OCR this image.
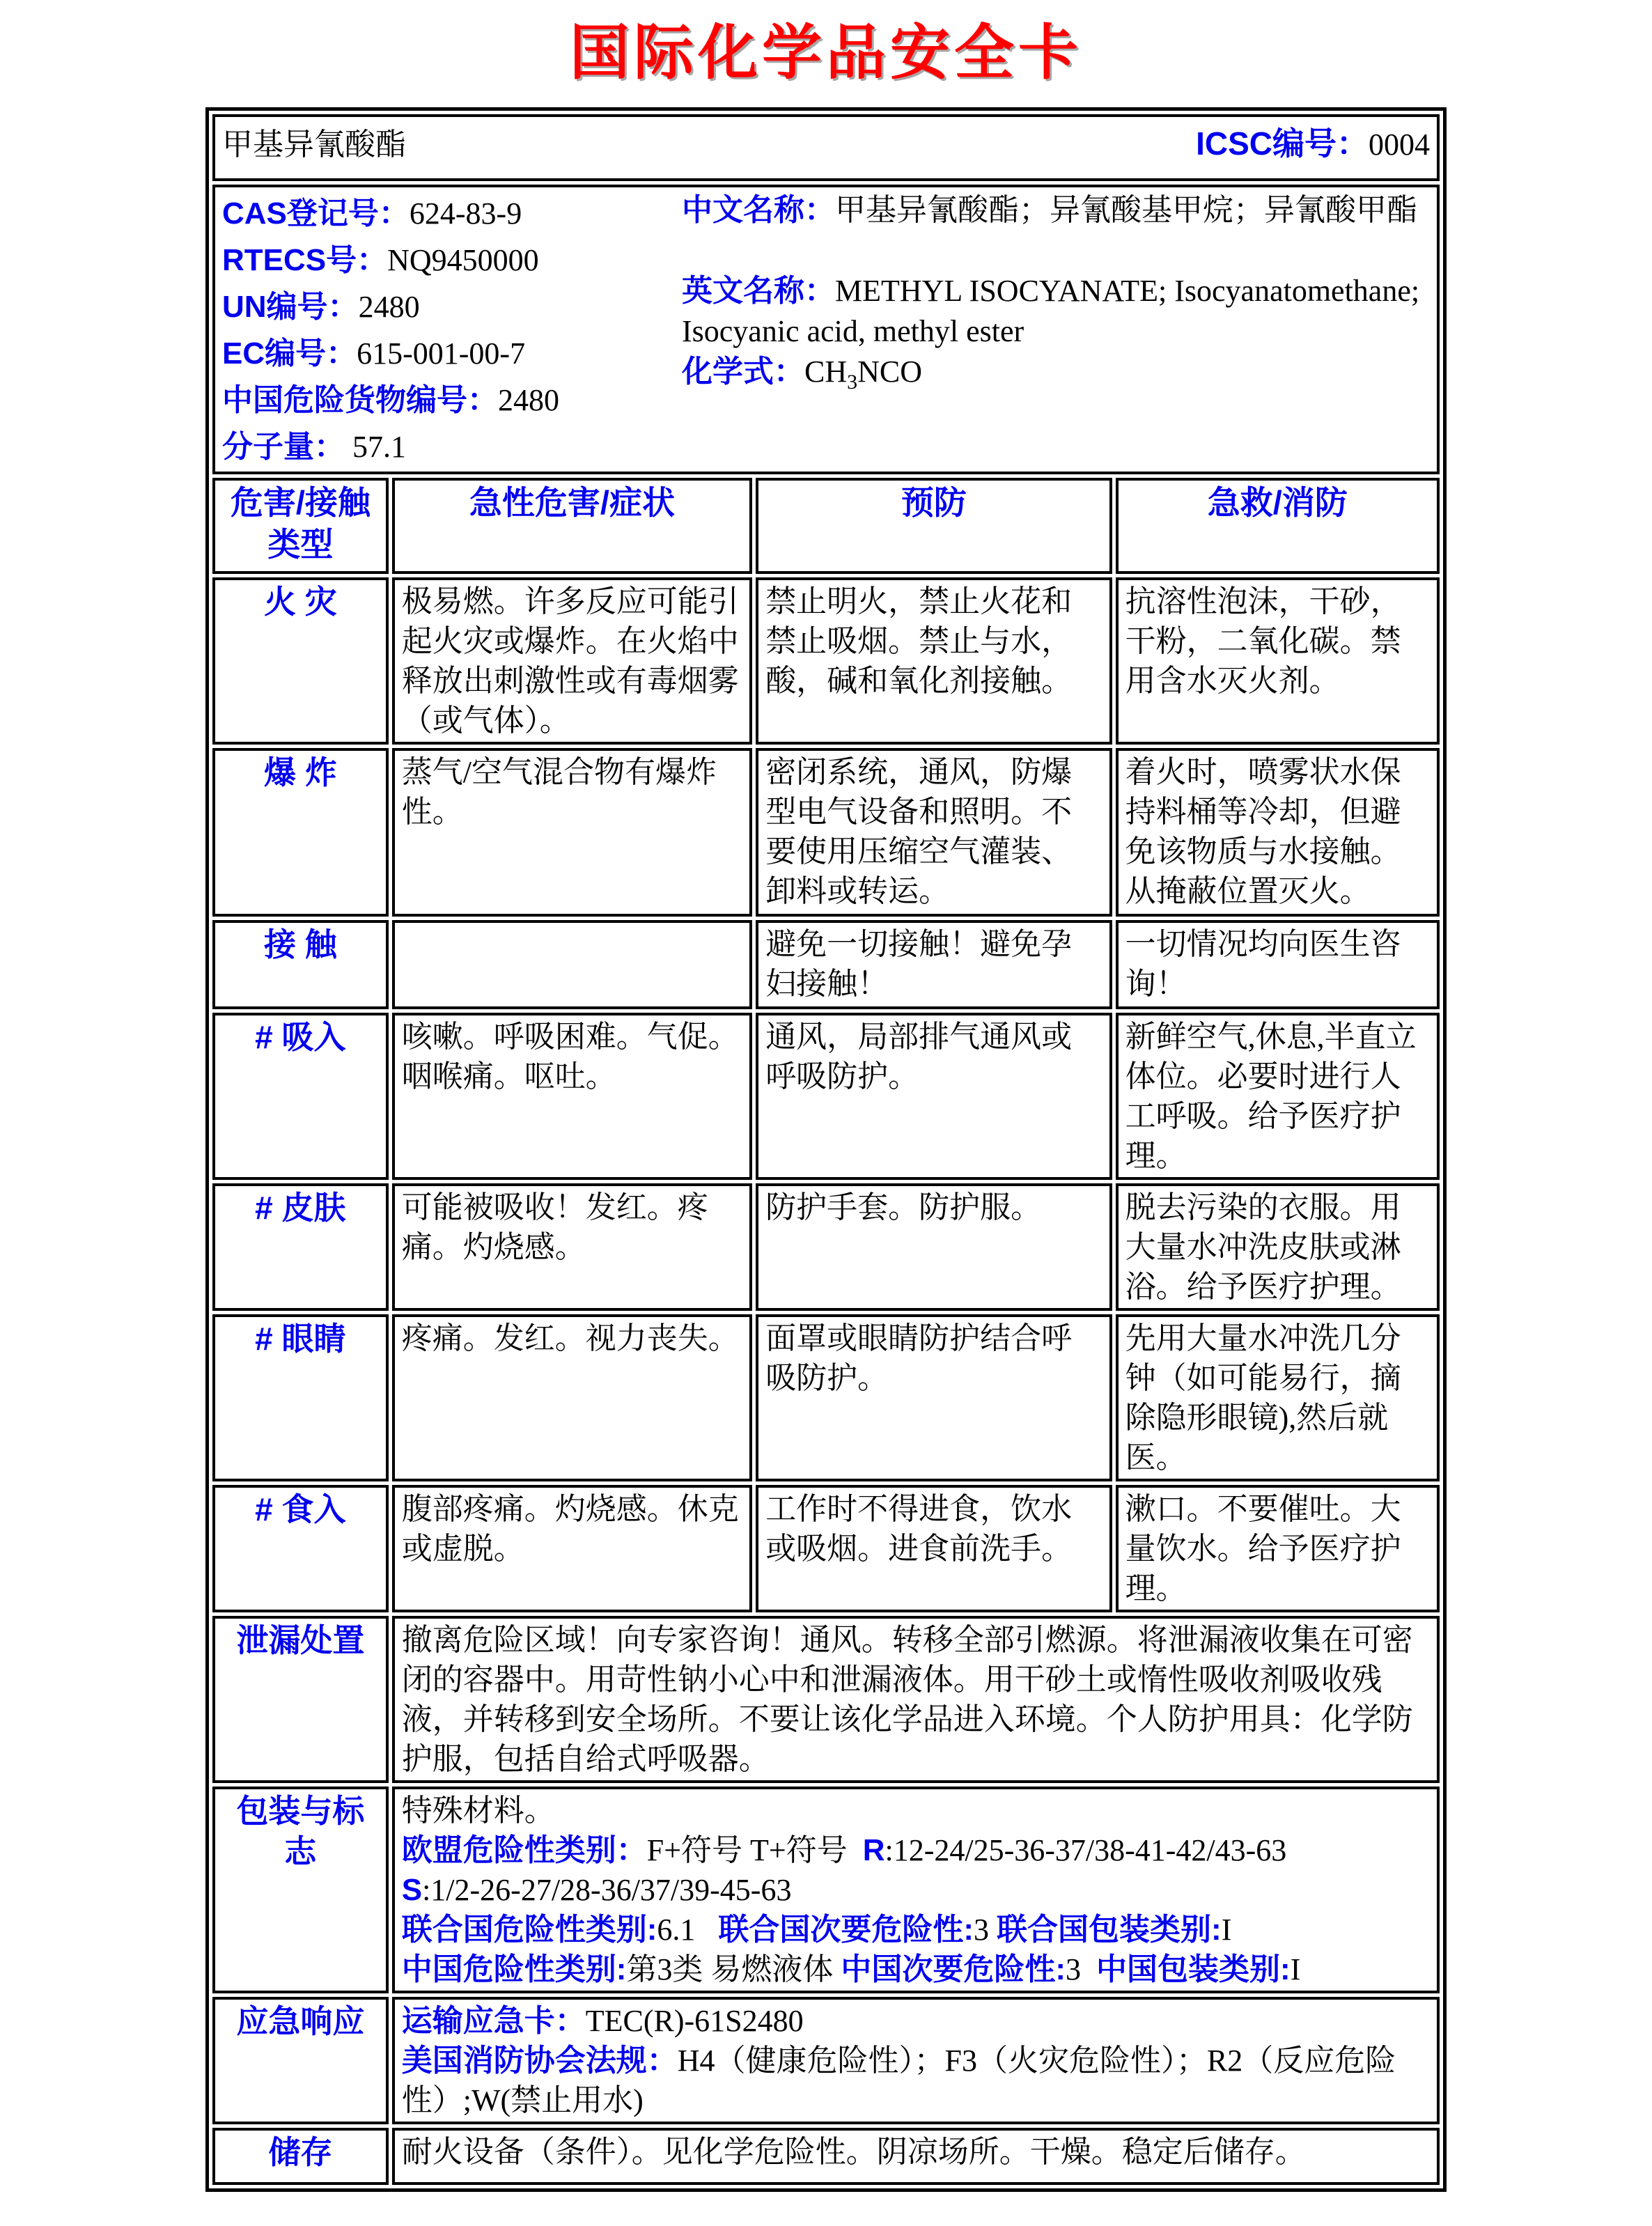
国际化学品安全卡
甲基异氰酸酯 ICSC编号：0004			

CAS登记号：624-83-9
RTECS号：NQ9450000
UN编号：2480
EC编号：615-001-00-7
中国危险货物编号：2480
分子量： 57.1
中文名称：甲基异氰酸酯；异氰酸基甲烷；异氰酸甲酯
英文名称：METHYL ISOCYANATE; Isocyanatomethane; Isocyanic acid, methyl ester
化学式：$CH_3NCO$

危害/接触类型	急性危害/症状	预防	急救/消防
火 灾	极易燃。许多反应可能引起火灾或爆炸。在火焰中释放出刺激性或有毒烟雾（或气体）。	禁止明火，禁止火花和禁止吸烟。禁止与水，酸，碱和氧化剂接触。	抗溶性泡沫，干砂，干粉，二氧化碳。禁用含水灭火剂。
爆 炸	蒸气/空气混合物有爆炸性。	密闭系统，通风，防爆型电气设备和照明。不要使用压缩空气灌装、卸料或转运。	着火时，喷雾状水保持料桶等冷却，但避免该物质与水接触。从掩蔽位置灭火。
接 触		避免一切接触！避免孕妇接触！	一切情况均向医生咨询！
# 吸入	咳嗽。呼吸困难。气促。咽喉痛。呕吐。	通风，局部排气通风或呼吸防护。	新鲜空气,休息,半直立体位。必要时进行人工呼吸。给予医疗护理。
# 皮肤	可能被吸收！发红。疼痛。灼烧感。	防护手套。防护服。	脱去污染的衣服。用大量水冲洗皮肤或淋浴。给予医疗护理。
# 眼睛	疼痛。发红。视力丧失。	面罩或眼睛防护结合呼吸防护。	先用大量水冲洗几分钟（如可能易行，摘除隐形眼镜),然后就医。
# 食入	腹部疼痛。灼烧感。休克或虚脱。	工作时不得进食，饮水或吸烟。进食前洗手。	漱口。不要催吐。大量饮水。给予医疗护理。
泄漏处置	撤离危险区域！向专家咨询！通风。转移全部引燃源。将泄漏液收集在可密闭的容器中。用苛性钠小心中和泄漏液体。用干砂土或惰性吸收剂吸收残液，并转移到安全场所。不要让该化学品进入环境。个人防护用具：化学防护服，包括自给式呼吸器。		
包装与标志	特殊材料。
欧盟危险性类别：F+符号 T+符号  R:12-24/25-36-37/38-41-42/43-63
S:1/2-26-27/28-36/37/39-45-63
联合国危险性类别:6.1   联合国次要危险性:3 联合国包装类别:I
中国危险性类别:第3类 易燃液体 中国次要危险性:3  中国包装类别:I		

应急响应	运输应急卡：TEC(R)-61S2480
美国消防协会法规：H4（健康危险性）；F3（火灾危险性）；R2（反应危险性）;W(禁止用水)		

储存	耐火设备（条件）。见化学危险性。阴凉场所。干燥。稳定后储存。		
